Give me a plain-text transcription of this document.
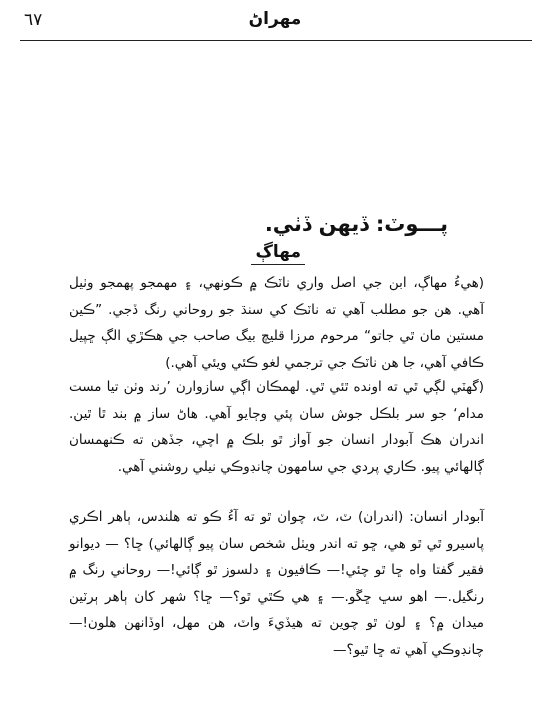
٦٧	مهراڻ
پـــوٽ: ڏيهن ڏٺي.
مهاڳ

(هيءُ مهاڳ، ابن جي اصل واري ناٽڪ ۾ ڪونهي، ۽ مهمجو پهمجو وٺيل آهي. هن جو مطلب آهي ته ناٽڪ کي سنڌ جو روحاني رنگ ڏجي. ”ڪين مستين مان ٿي جاتو“ مرحوم مرزا قليچ بيگ صاحب جي هڪڙي الڳ ڇپيل ڪافي آهي، جا هن ناٽڪ جي ترجمي لغو ڪئي ويئي آهي.)

(گهٽي لڳي ٿي ته اونده ٿئي ٿي. لهمڪان اڳي سازوارن ’رند وٺن تيا مست مدام‘ جو سر بلڪل جوش سان پئي وڄايو آهي. هاڻ ساز ۾ بند ٿا ٿين. اندران هڪ آبودار انسان جو آواز ٿو بلڪ ۾ اچي، جڏهن ته ڪنهمسان ڳالهائي پيو. ڪاري پردي جي سامهون چانڊوڪي نيلي روشني آهي.

آبودار انسان: (اندران) ٽ، ٽ، چوان ٿو ته آءُ ڪو ته هلندس، ٻاهر اڪري پاسيرو ٿي ٿو هي، ڇو ته اندر ويٺل شخص سان پيو ڳالهائي) ڇا؟ — ديوانو فقير گفتا واه ڇا ٿو چئي!— ڪافيون ۽ دلسوز ٿو ڳائي!— روحاني رنگ ۾ رنگيل.— اهو سڀ ڇڱو.— ۽ هي ڪٿي ٿو؟— ڇا؟ شهر کان ٻاهر ٻرٽين ميدان ۾؟ ۽ لون ٿو چوين ته هيڏيءَ واٽ، هن مهل، اوڏانهن هلون!— چانڊوڪي آهي ته ڇا ٿيو؟—
